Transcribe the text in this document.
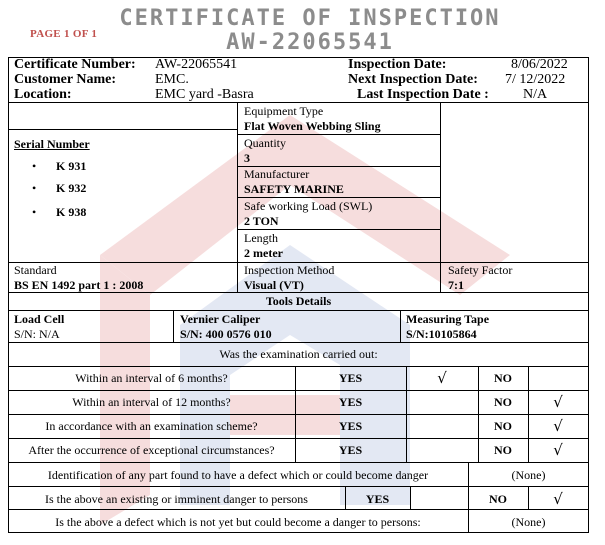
PAGE 1 OF 1
CERTIFICATE OF INSPECTION
AW-22065541
Certificate Number: AW-22065541
Customer Name:	EMC.
Location:	EMC yard -Basra
Inspection Date:	8/06/2022
Next Inspection Date: 7/ 12/2022
Last Inspection Date : N/A
Serial Number
• K 931
• K 932
• K 938
Equipment Type
Flat Woven Webbing Sling
Quantity
3
Manufacturer
SAFETY MARINE
Safe working Load (SWL)
2 TON
Length
2 meter
Standard
BS EN 1492 part 1 : 2008
Inspection Method
Visual (VT)
Safety Factor
7:1
Tools Details
Load Cell
S/N: N/A
Vernier Caliper
S/N: 400 0576 010
Measuring Tape
S/N:10105864
Was the examination carried out:
Within an interval of 6 months?	YES	√	NO
Within an interval of 12 months?	YES	NO	√
In accordance with an examination scheme?	YES	NO	√
After the occurrence of exceptional circumstances?	YES	NO	√
Identification of any part found to have a defect which or could become danger	(None)
Is the above an existing or imminent danger to persons	YES	NO	√
Is the above a defect which is not yet but could become a danger to persons:	(None)
